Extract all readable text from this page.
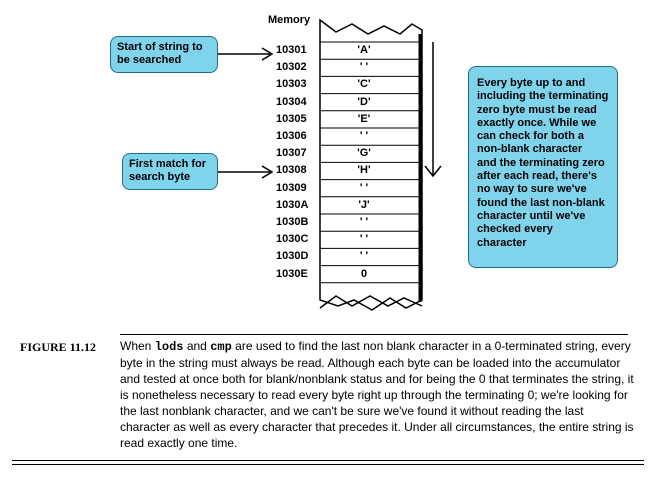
Memory
10301	'A'
10302	' '
10303	'C'
10304	'D'
10305	'E'
10306	' '
10307	'G'
10308	'H'
10309	' '
1030A	'J'
1030B	' '
1030C	' '
1030D	' '
1030E	0
Start of string to
be searched
First match for
search byte
Every byte up to and
including the terminating
zero byte must be read
exactly once. While we
can check for both a
non-blank character
and the terminating zero
after each read, there's
no way to sure we've
found the last non-blank
character until we've
checked every
character
FIGURE 11.12 When lods and cmp are used to find the last non blank character in a 0-terminated string, every byte in the string must always be read. Although each byte can be loaded into the accumulator and tested at once both for blank/nonblank status and for being the 0 that terminates the string, it is nonetheless necessary to read every byte right up through the terminating 0; we're looking for the last nonblank character, and we can't be sure we've found it without reading the last character as well as every character that precedes it. Under all circumstances, the entire string is read exactly one time.
